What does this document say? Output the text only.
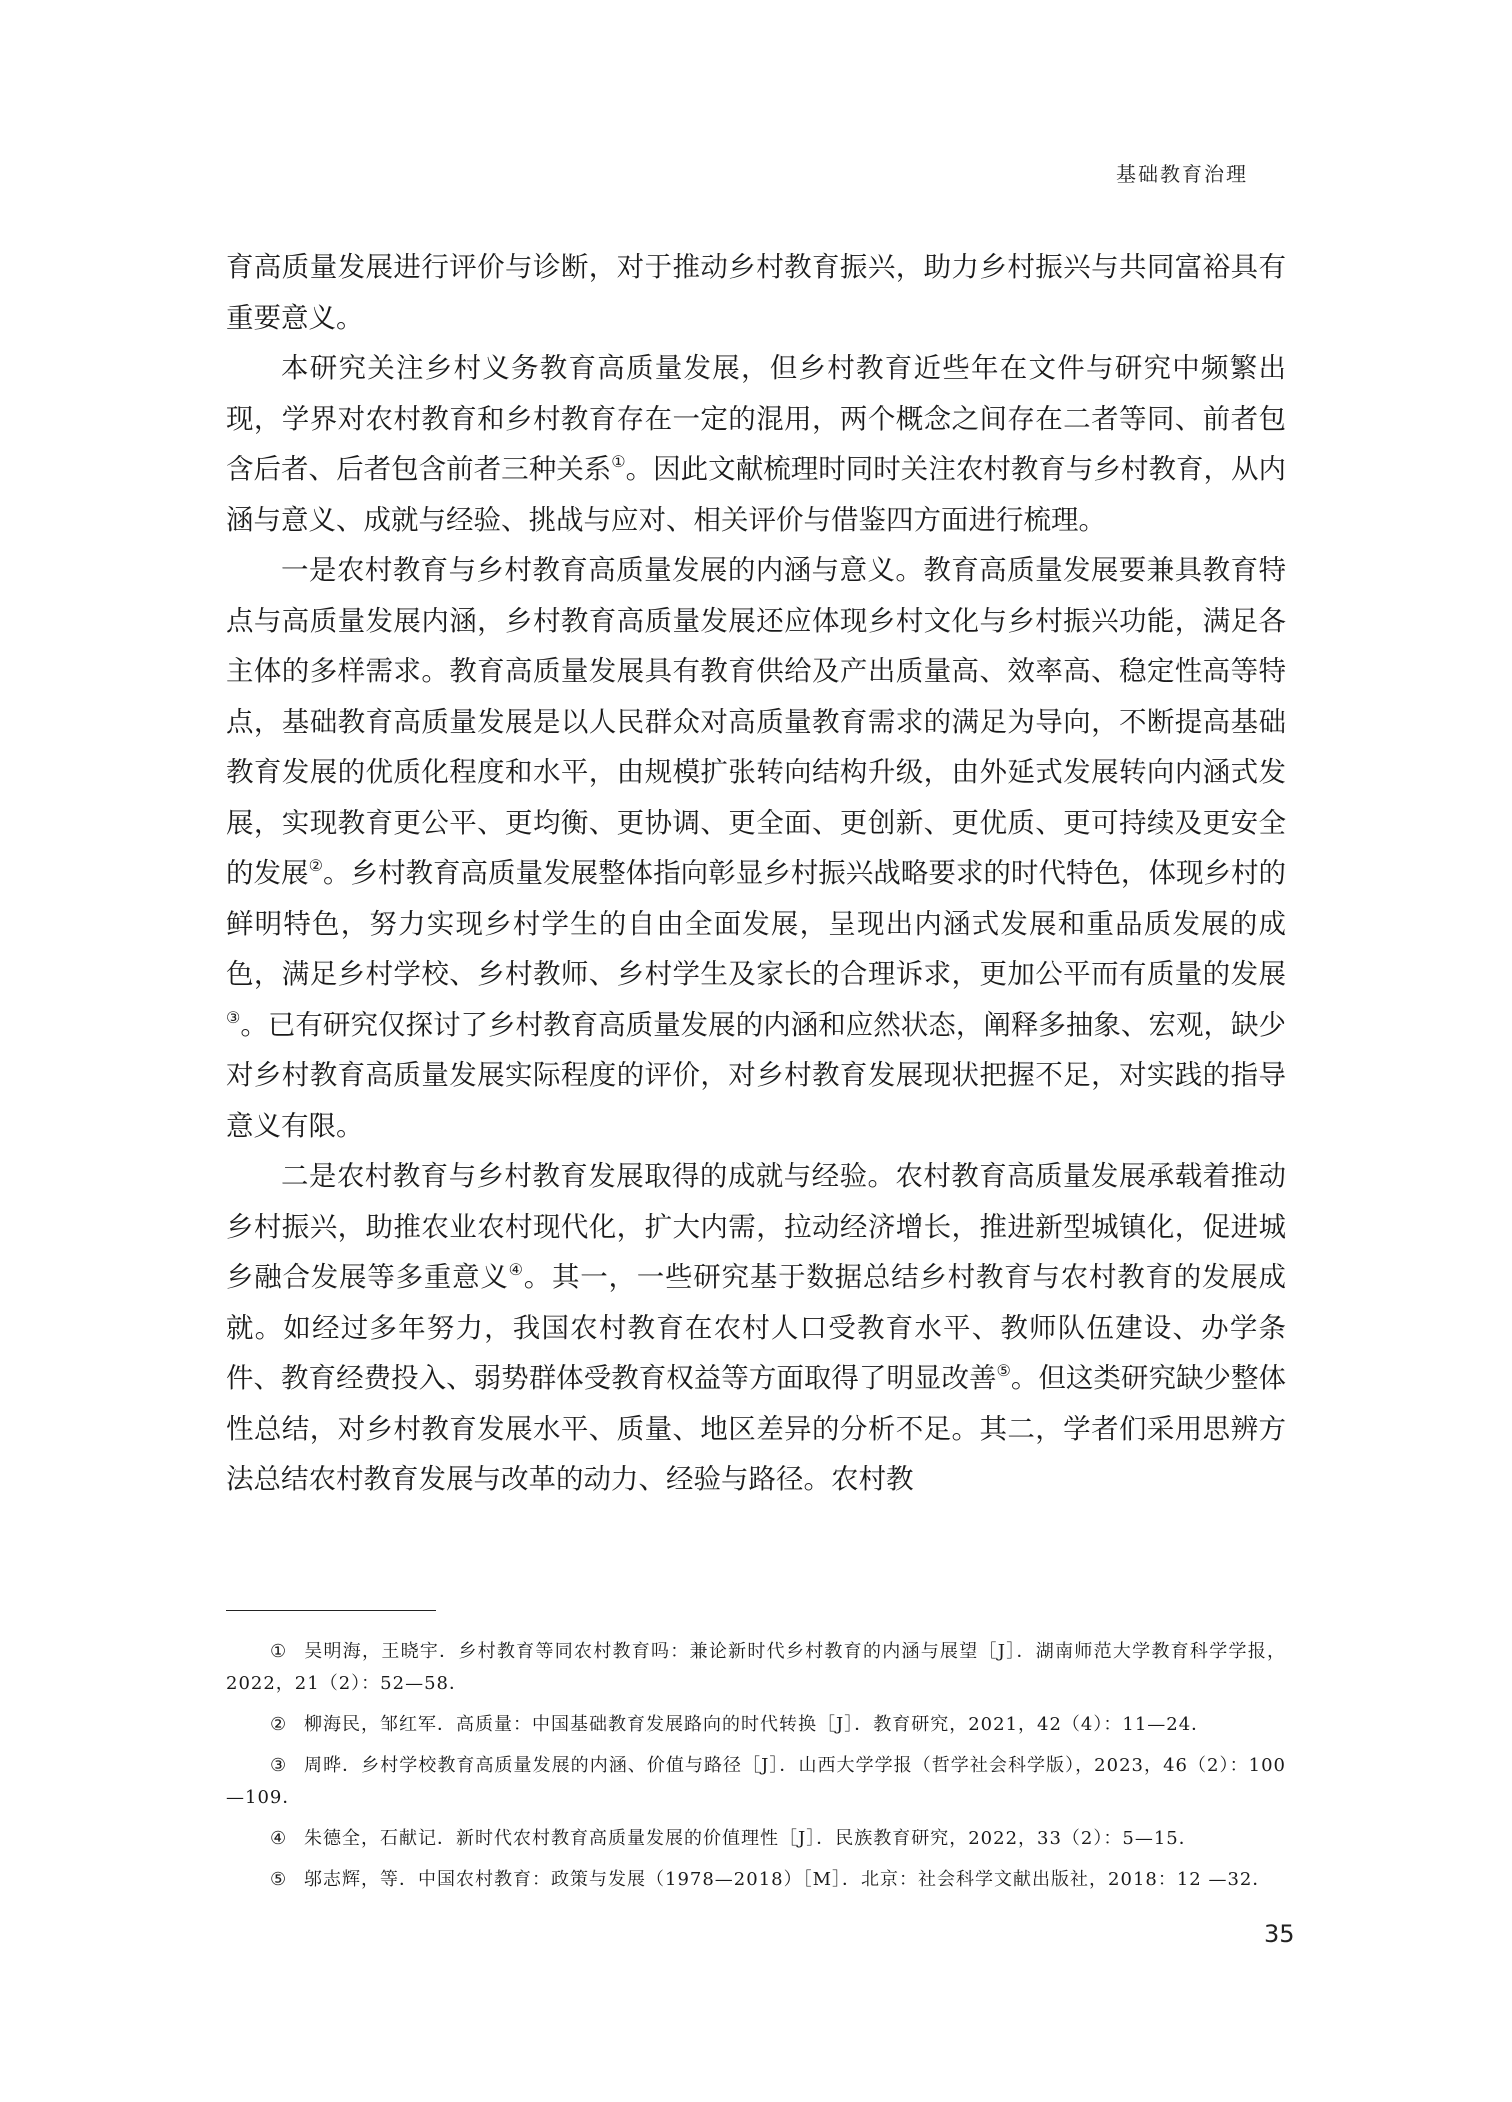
基础教育治理

育高质量发展进行评价与诊断，对于推动乡村教育振兴，助力乡村振兴与共同富裕具有重要意义。

本研究关注乡村义务教育高质量发展，但乡村教育近些年在文件与研究中频繁出现，学界对农村教育和乡村教育存在一定的混用，两个概念之间存在二者等同、前者包含后者、后者包含前者三种关系①。因此文献梳理时同时关注农村教育与乡村教育，从内涵与意义、成就与经验、挑战与应对、相关评价与借鉴四方面进行梳理。

一是农村教育与乡村教育高质量发展的内涵与意义。教育高质量发展要兼具教育特点与高质量发展内涵，乡村教育高质量发展还应体现乡村文化与乡村振兴功能，满足各主体的多样需求。教育高质量发展具有教育供给及产出质量高、效率高、稳定性高等特点，基础教育高质量发展是以人民群众对高质量教育需求的满足为导向，不断提高基础教育发展的优质化程度和水平，由规模扩张转向结构升级，由外延式发展转向内涵式发展，实现教育更公平、更均衡、更协调、更全面、更创新、更优质、更可持续及更安全的发展②。乡村教育高质量发展整体指向彰显乡村振兴战略要求的时代特色，体现乡村的鲜明特色，努力实现乡村学生的自由全面发展，呈现出内涵式发展和重品质发展的成色，满足乡村学校、乡村教师、乡村学生及家长的合理诉求，更加公平而有质量的发展③。已有研究仅探讨了乡村教育高质量发展的内涵和应然状态，阐释多抽象、宏观，缺少对乡村教育高质量发展实际程度的评价，对乡村教育发展现状把握不足，对实践的指导意义有限。

二是农村教育与乡村教育发展取得的成就与经验。农村教育高质量发展承载着推动乡村振兴，助推农业农村现代化，扩大内需，拉动经济增长，推进新型城镇化，促进城乡融合发展等多重意义④。其一，一些研究基于数据总结乡村教育与农村教育的发展成就。如经过多年努力，我国农村教育在农村人口受教育水平、教师队伍建设、办学条件、教育经费投入、弱势群体受教育权益等方面取得了明显改善⑤。但这类研究缺少整体性总结，对乡村教育发展水平、质量、地区差异的分析不足。其二，学者们采用思辨方法总结农村教育发展与改革的动力、经验与路径。农村教

① 吴明海，王晓宇．乡村教育等同农村教育吗：兼论新时代乡村教育的内涵与展望［J］．湖南师范大学教育科学学报，2022，21（2）：52—58．

② 柳海民，邹红军．高质量：中国基础教育发展路向的时代转换［J］．教育研究，2021，42（4）：11—24．

③ 周晔．乡村学校教育高质量发展的内涵、价值与路径［J］．山西大学学报（哲学社会科学版），2023，46（2）：100—109．

④ 朱德全，石献记．新时代农村教育高质量发展的价值理性［J］．民族教育研究，2022，33（2）：5—15．

⑤ 邬志辉，等．中国农村教育：政策与发展（1978—2018）［M］．北京：社会科学文献出版社，2018：12 —32．

35
